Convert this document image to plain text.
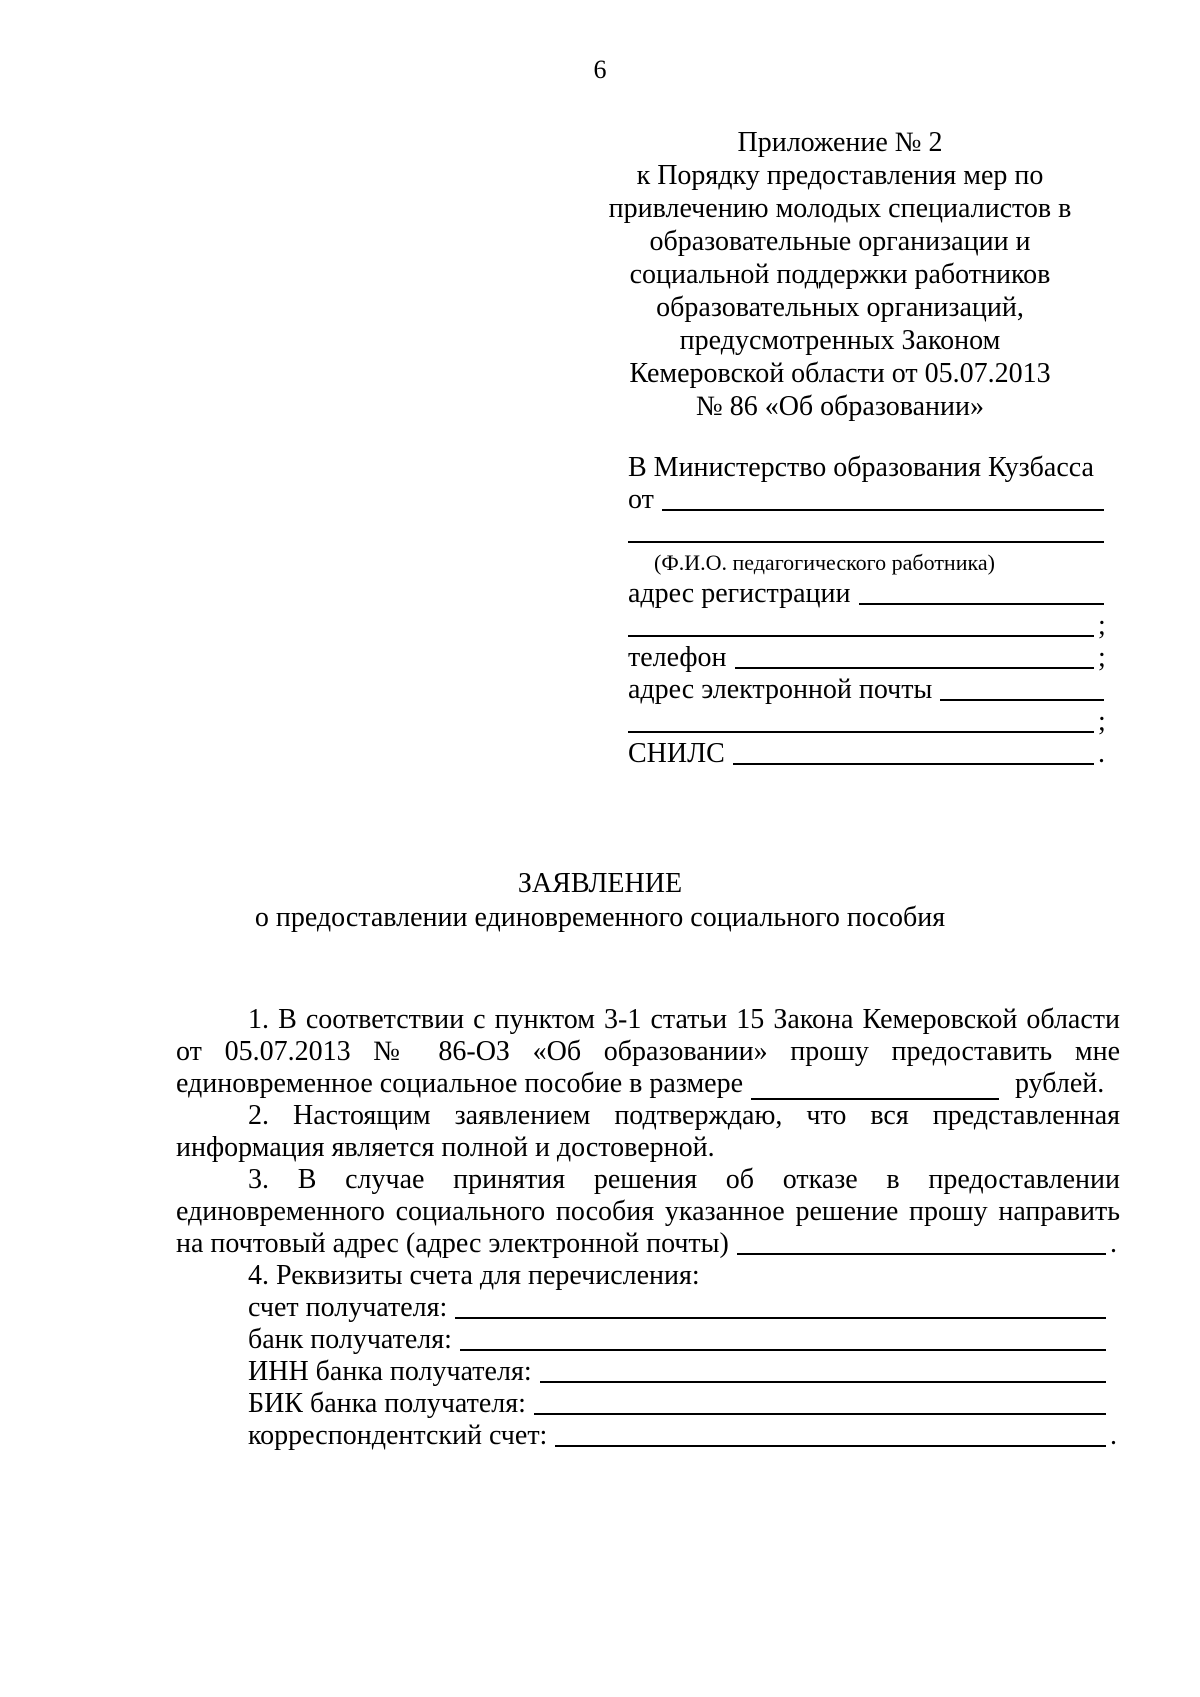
6
Приложение № 2
к Порядку предоставления мер по
привлечению молодых специалистов в
образовательные организации и
социальной поддержки работников
образовательных организаций,
предусмотренных Законом
Кемеровской области от 05.07.2013
№ 86 «Об образовании»
В Министерство образования Кузбасса
от
(Ф.И.О. педагогического работника)
адрес регистрации
;
телефон	;
адрес электронной почты
;
СНИЛС	.
ЗАЯВЛЕНИЕ
о предоставлении единовременного социального пособия
1. В соответствии с пунктом 3-1 статьи 15 Закона Кемеровской области
от 05.07.2013 № 86-ОЗ «Об образовании» прошу предоставить мне
единовременное социальное пособие в размере	рублей.
2. Настоящим заявлением подтверждаю, что вся представленная
информация является полной и достоверной.
3. В случае принятия решения об отказе в предоставлении
единовременного социального пособия указанное решение прошу направить
на почтовый адрес (адрес электронной почты)	.
4. Реквизиты счета для перечисления:
счет получателя:
банк получателя:
ИНН банка получателя:
БИК банка получателя:
корреспондентский счет:	.
